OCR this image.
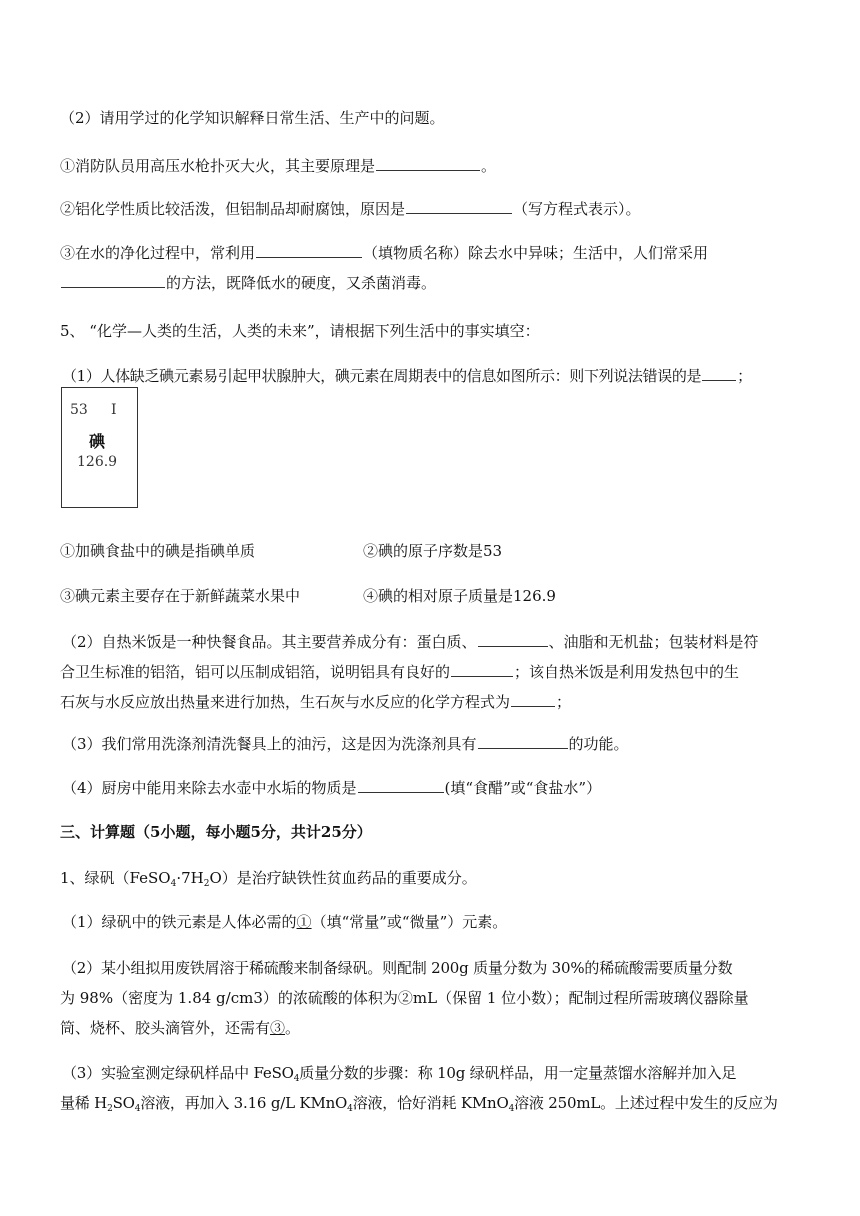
（2）请用学过的化学知识解释日常生活、生产中的问题。
①消防队员用高压水枪扑灭大火，其主要原理是	。
②铝化学性质比较活泼，但铝制品却耐腐蚀，原因是	（写方程式表示）。
③在水的净化过程中，常利用	（填物质名称）除去水中异味；生活中，人们常采用
的方法，既降低水的硬度，又杀菌消毒。
5、 “化学—人类的生活，人类的未来”，请根据下列生活中的事实填空：
（1）人体缺乏碘元素易引起甲状腺肿大，碘元素在周期表中的信息如图所示：则下列说法错误的是 ；
53 I
碘
126.9
①加碘食盐中的碘是指碘单质	②碘的原子序数是53
③碘元素主要存在于新鲜蔬菜水果中	④碘的相对原子质量是126.9
（2）自热米饭是一种快餐食品。其主要营养成分有：蛋白质、	、油脂和无机盐；包装材料是符
合卫生标准的铝箔，铝可以压制成铝箔，说明铝具有良好的	；该自热米饭是利用发热包中的生
石灰与水反应放出热量来进行加热，生石灰与水反应的化学方程式为	；
（3）我们常用洗涤剂清洗餐具上的油污，这是因为洗涤剂具有	的功能。
（4）厨房中能用来除去水壶中水垢的物质是	(填“食醋”或“食盐水”）
三、计算题（5小题，每小题5分，共计25分）
1、绿矾$(FeSO_4\cdot 7H_2O)$是治疗缺铁性贫血药品的重要成分。
（1）绿矾中的铁元素是人体必需的①（填“常量”或“微量”）元素。
（2）某小组拟用废铁屑溶于稀硫酸来制备绿矾。则配制 200g 质量分数为 30%的稀硫酸需要质量分数
为 98%（密度为 1.84 g/cm3）的浓硫酸的体积为②mL（保留 1 位小数）；配制过程所需玻璃仪器除量
筒、烧杯、胶头滴管外，还需有③。
（3）实验室测定绿矾样品中 FeSO$_4$质量分数的步骤：称 10g 绿矾样品，用一定量蒸馏水溶解并加入足
量稀 $H_2SO_4$溶液，再加入 3.16 g/L KMnO$_4$溶液，恰好消耗 KMnO$_4$溶液 250mL。上述过程中发生的反应为
